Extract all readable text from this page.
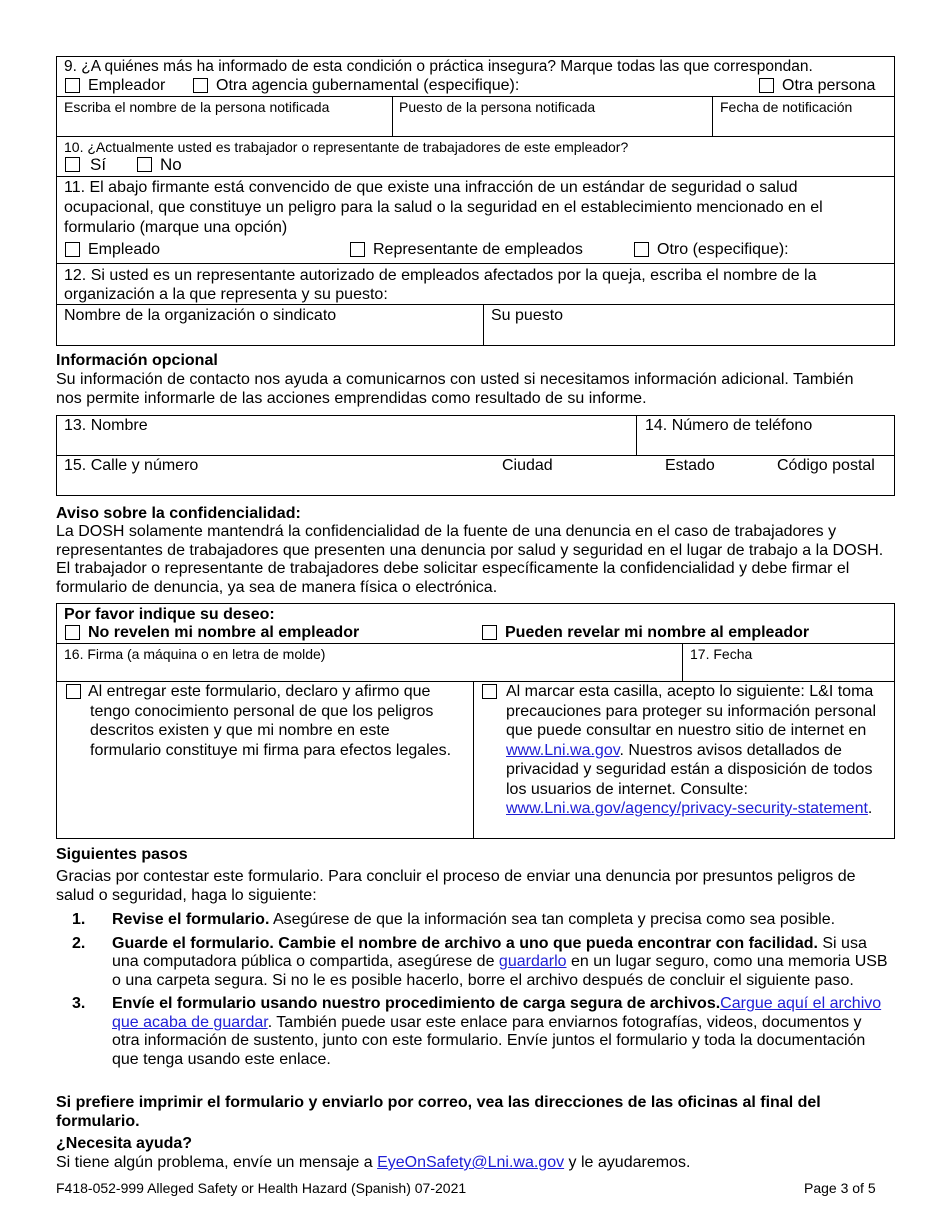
9. ¿A quiénes más ha informado de esta condición o práctica insegura? Marque todas las que correspondan.
Empleador	Otra agencia gubernamental (especifique):	Otra persona
Escriba el nombre de la persona notificada	Puesto de la persona notificada	Fecha de notificación
10. ¿Actualmente usted es trabajador o representante de trabajadores de este empleador?
Sí	No
11. El abajo firmante está convencido de que existe una infracción de un estándar de seguridad o salud ocupacional, que constituye un peligro para la salud o la seguridad en el establecimiento mencionado en el formulario (marque una opción)
Empleado	Representante de empleados	Otro (especifique):
12. Si usted es un representante autorizado de empleados afectados por la queja, escriba el nombre de la organización a la que representa y su puesto:
Nombre de la organización o sindicato	Su puesto
Información opcional
Su información de contacto nos ayuda a comunicarnos con usted si necesitamos información adicional. También nos permite informarle de las acciones emprendidas como resultado de su informe.
13. Nombre	14. Número de teléfono
15. Calle y número	Ciudad	Estado	Código postal
Aviso sobre la confidencialidad:
La DOSH solamente mantendrá la confidencialidad de la fuente de una denuncia en el caso de trabajadores y representantes de trabajadores que presenten una denuncia por salud y seguridad en el lugar de trabajo a la DOSH. El trabajador o representante de trabajadores debe solicitar específicamente la confidencialidad y debe firmar el formulario de denuncia, ya sea de manera física o electrónica.
Por favor indique su deseo:
No revelen mi nombre al empleador	Pueden revelar mi nombre al empleador
16. Firma (a máquina o en letra de molde)	17. Fecha
Al entregar este formulario, declaro y afirmo que tengo conocimiento personal de que los peligros descritos existen y que mi nombre en este formulario constituye mi firma para efectos legales.
Al marcar esta casilla, acepto lo siguiente: L&I toma precauciones para proteger su información personal que puede consultar en nuestro sitio de internet en www.Lni.wa.gov. Nuestros avisos detallados de privacidad y seguridad están a disposición de todos los usuarios de internet. Consulte: www.Lni.wa.gov/agency/privacy-security-statement.
Siguientes pasos
Gracias por contestar este formulario. Para concluir el proceso de enviar una denuncia por presuntos peligros de salud o seguridad, haga lo siguiente:
1. Revise el formulario. Asegúrese de que la información sea tan completa y precisa como sea posible.
2. Guarde el formulario. Cambie el nombre de archivo a uno que pueda encontrar con facilidad. Si usa una computadora pública o compartida, asegúrese de guardarlo en un lugar seguro, como una memoria USB o una carpeta segura. Si no le es posible hacerlo, borre el archivo después de concluir el siguiente paso.
3. Envíe el formulario usando nuestro procedimiento de carga segura de archivos.Cargue aquí el archivo que acaba de guardar. También puede usar este enlace para enviarnos fotografías, videos, documentos y otra información de sustento, junto con este formulario. Envíe juntos el formulario y toda la documentación que tenga usando este enlace.
Si prefiere imprimir el formulario y enviarlo por correo, vea las direcciones de las oficinas al final del formulario.
¿Necesita ayuda?
Si tiene algún problema, envíe un mensaje a EyeOnSafety@Lni.wa.gov y le ayudaremos.
F418-052-999 Alleged Safety or Health Hazard (Spanish) 07-2021	Page 3 of 5
